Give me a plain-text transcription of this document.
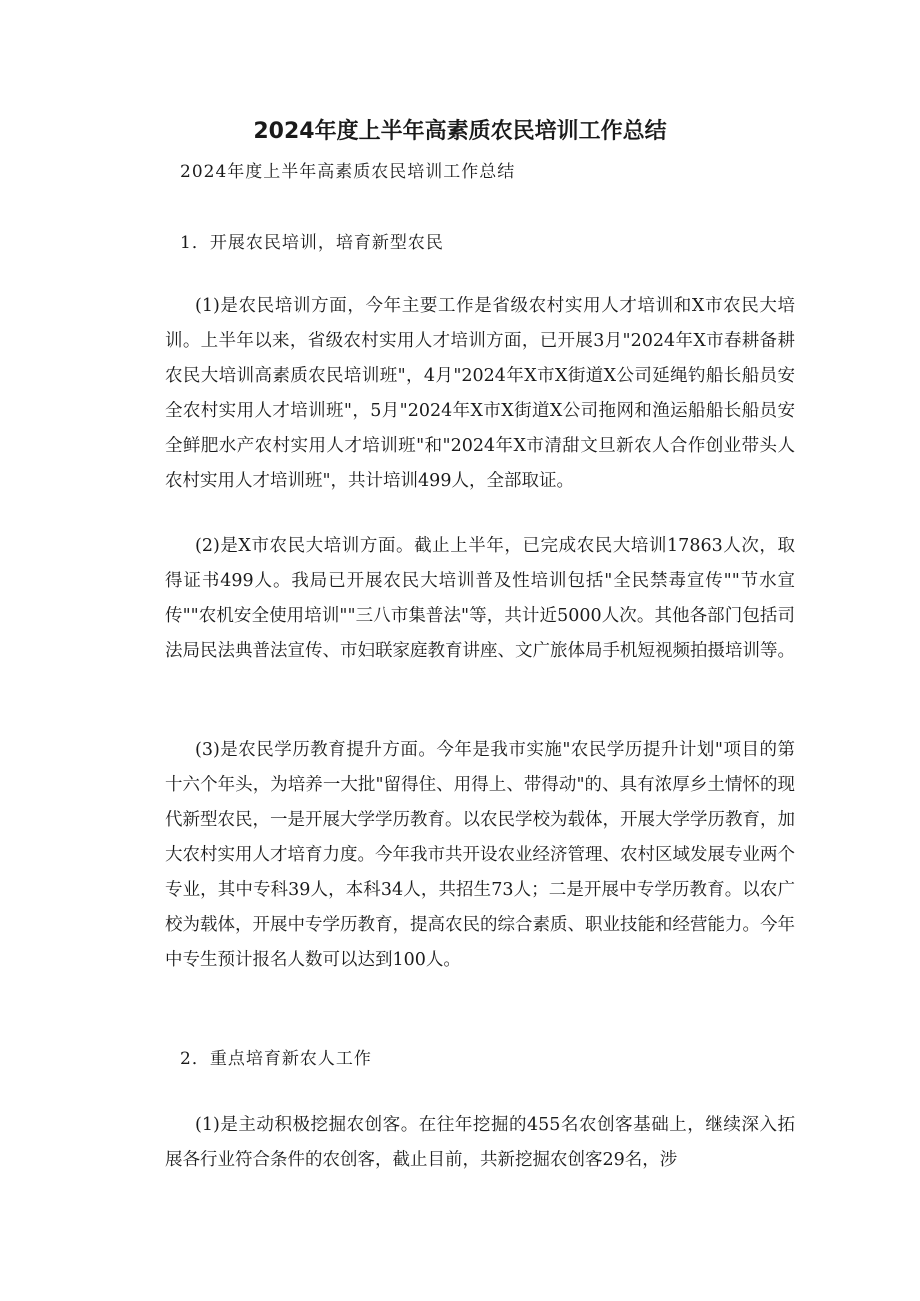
2024年度上半年高素质农民培训工作总结

2024年度上半年高素质农民培训工作总结

1．开展农民培训，培育新型农民

(1)是农民培训方面，今年主要工作是省级农村实用人才培训和X市农民大培训。上半年以来，省级农村实用人才培训方面，已开展3月"2024年X市春耕备耕农民大培训高素质农民培训班"，4月"2024年X市X街道X公司延绳钓船长船员安全农村实用人才培训班"，5月"2024年X市X街道X公司拖网和渔运船船长船员安全鲜肥水产农村实用人才培训班"和"2024年X市清甜文旦新农人合作创业带头人农村实用人才培训班"，共计培训499人，全部取证。

(2)是X市农民大培训方面。截止上半年，已完成农民大培训17863人次，取得证书499人。我局已开展农民大培训普及性培训包括"全民禁毒宣传""节水宣传""农机安全使用培训""三八市集普法"等，共计近5000人次。其他各部门包括司法局民法典普法宣传、市妇联家庭教育讲座、文广旅体局手机短视频拍摄培训等。

(3)是农民学历教育提升方面。今年是我市实施"农民学历提升计划"项目的第十六个年头，为培养一大批"留得住、用得上、带得动"的、具有浓厚乡土情怀的现代新型农民，一是开展大学学历教育。以农民学校为载体，开展大学学历教育，加大农村实用人才培育力度。今年我市共开设农业经济管理、农村区域发展专业两个专业，其中专科39人，本科34人，共招生73人；二是开展中专学历教育。以农广校为载体，开展中专学历教育，提高农民的综合素质、职业技能和经营能力。今年中专生预计报名人数可以达到100人。

2．重点培育新农人工作

(1)是主动积极挖掘农创客。在往年挖掘的455名农创客基础上，继续深入拓展各行业符合条件的农创客，截止目前，共新挖掘农创客29名，涉
